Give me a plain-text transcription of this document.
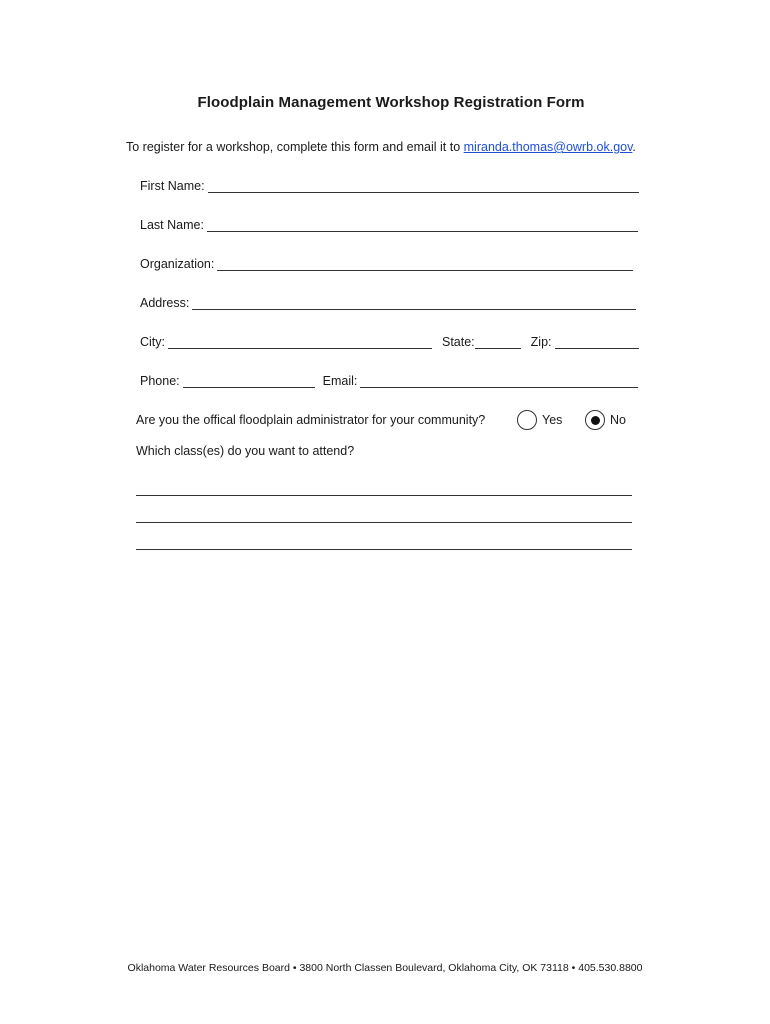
Floodplain Management Workshop Registration Form
To register for a workshop, complete this form and email it to miranda.thomas@owrb.ok.gov.
First Name:
Last Name:
Organization:
Address:
City:	State:	Zip:
Phone:	Email:
Are you the offical floodplain administrator for your community?	Yes	No
Which class(es) do you want to attend?
Oklahoma Water Resources Board • 3800 North Classen Boulevard, Oklahoma City, OK 73118 • 405.530.8800
